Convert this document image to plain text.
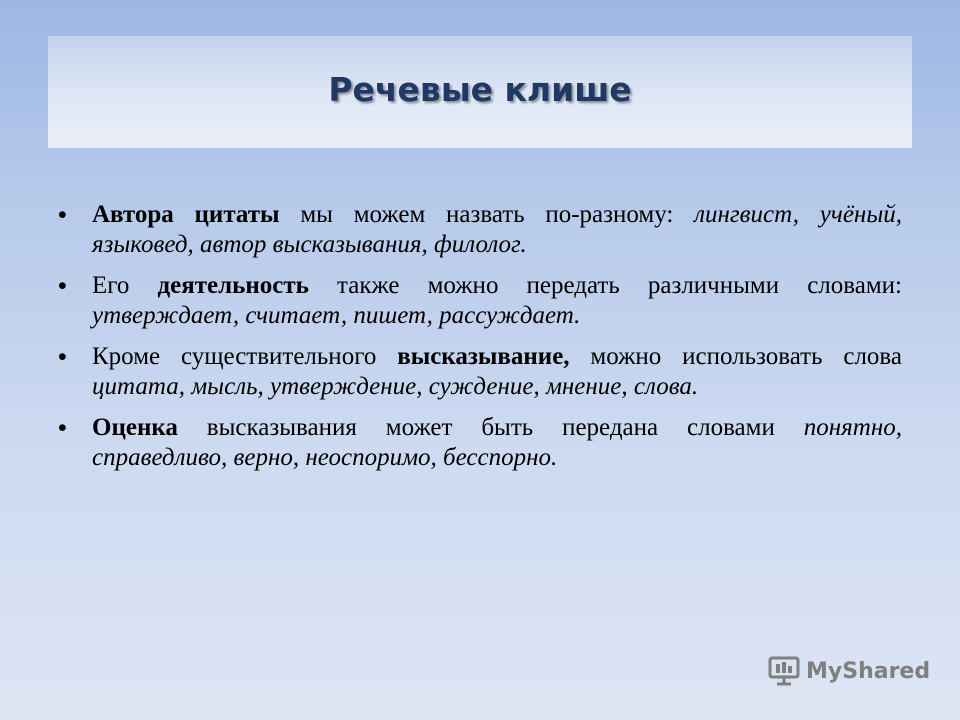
Речевые клише
• Автора цитаты мы можем назвать по-разному: лингвист, учёный, языковед, автор высказывания, филолог.
• Его деятельность также можно передать различными словами: утверждает, считает, пишет, рассуждает.
• Кроме существительного высказывание, можно использовать слова цитата, мысль, утверждение, суждение, мнение, слова.
• Оценка высказывания может быть передана словами понятно, справедливо, верно, неоспоримо, бесспорно.
MyShared
